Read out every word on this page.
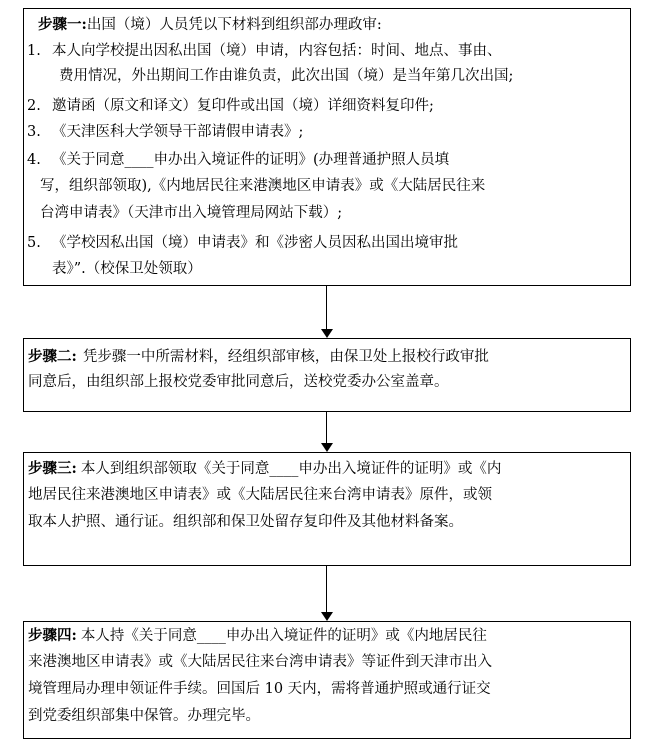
步骤一:出国（境）人员凭以下材料到组织部办理政审:
1. 本人向学校提出因私出国（境）申请，内容包括：时间、地点、事由、
费用情况，外出期间工作由谁负责，此次出国（境）是当年第几次出国;
2. 邀请函（原文和译文）复印件或出国（境）详细资料复印件;
3. 《天津医科大学领导干部请假申请表》;
4. 《关于同意____申办出入境证件的证明》(办理普通护照人员填
写，组织部领取),《内地居民往来港澳地区申请表》或《大陆居民往来
台湾申请表》（天津市出入境管理局网站下载）;
5. 《学校因私出国（境）申请表》和《涉密人员因私出国出境审批
表》”.（校保卫处领取）
步骤二: 凭步骤一中所需材料，经组织部审核，由保卫处上报校行政审批
同意后，由组织部上报校党委审批同意后，送校党委办公室盖章。
步骤三: 本人到组织部领取《关于同意____申办出入境证件的证明》或《内
地居民往来港澳地区申请表》或《大陆居民往来台湾申请表》原件，或领
取本人护照、通行证。组织部和保卫处留存复印件及其他材料备案。
步骤四: 本人持《关于同意____申办出入境证件的证明》或《内地居民往
来港澳地区申请表》或《大陆居民往来台湾申请表》等证件到天津市出入
境管理局办理申领证件手续。回国后 10 天内，需将普通护照或通行证交
到党委组织部集中保管。办理完毕。
